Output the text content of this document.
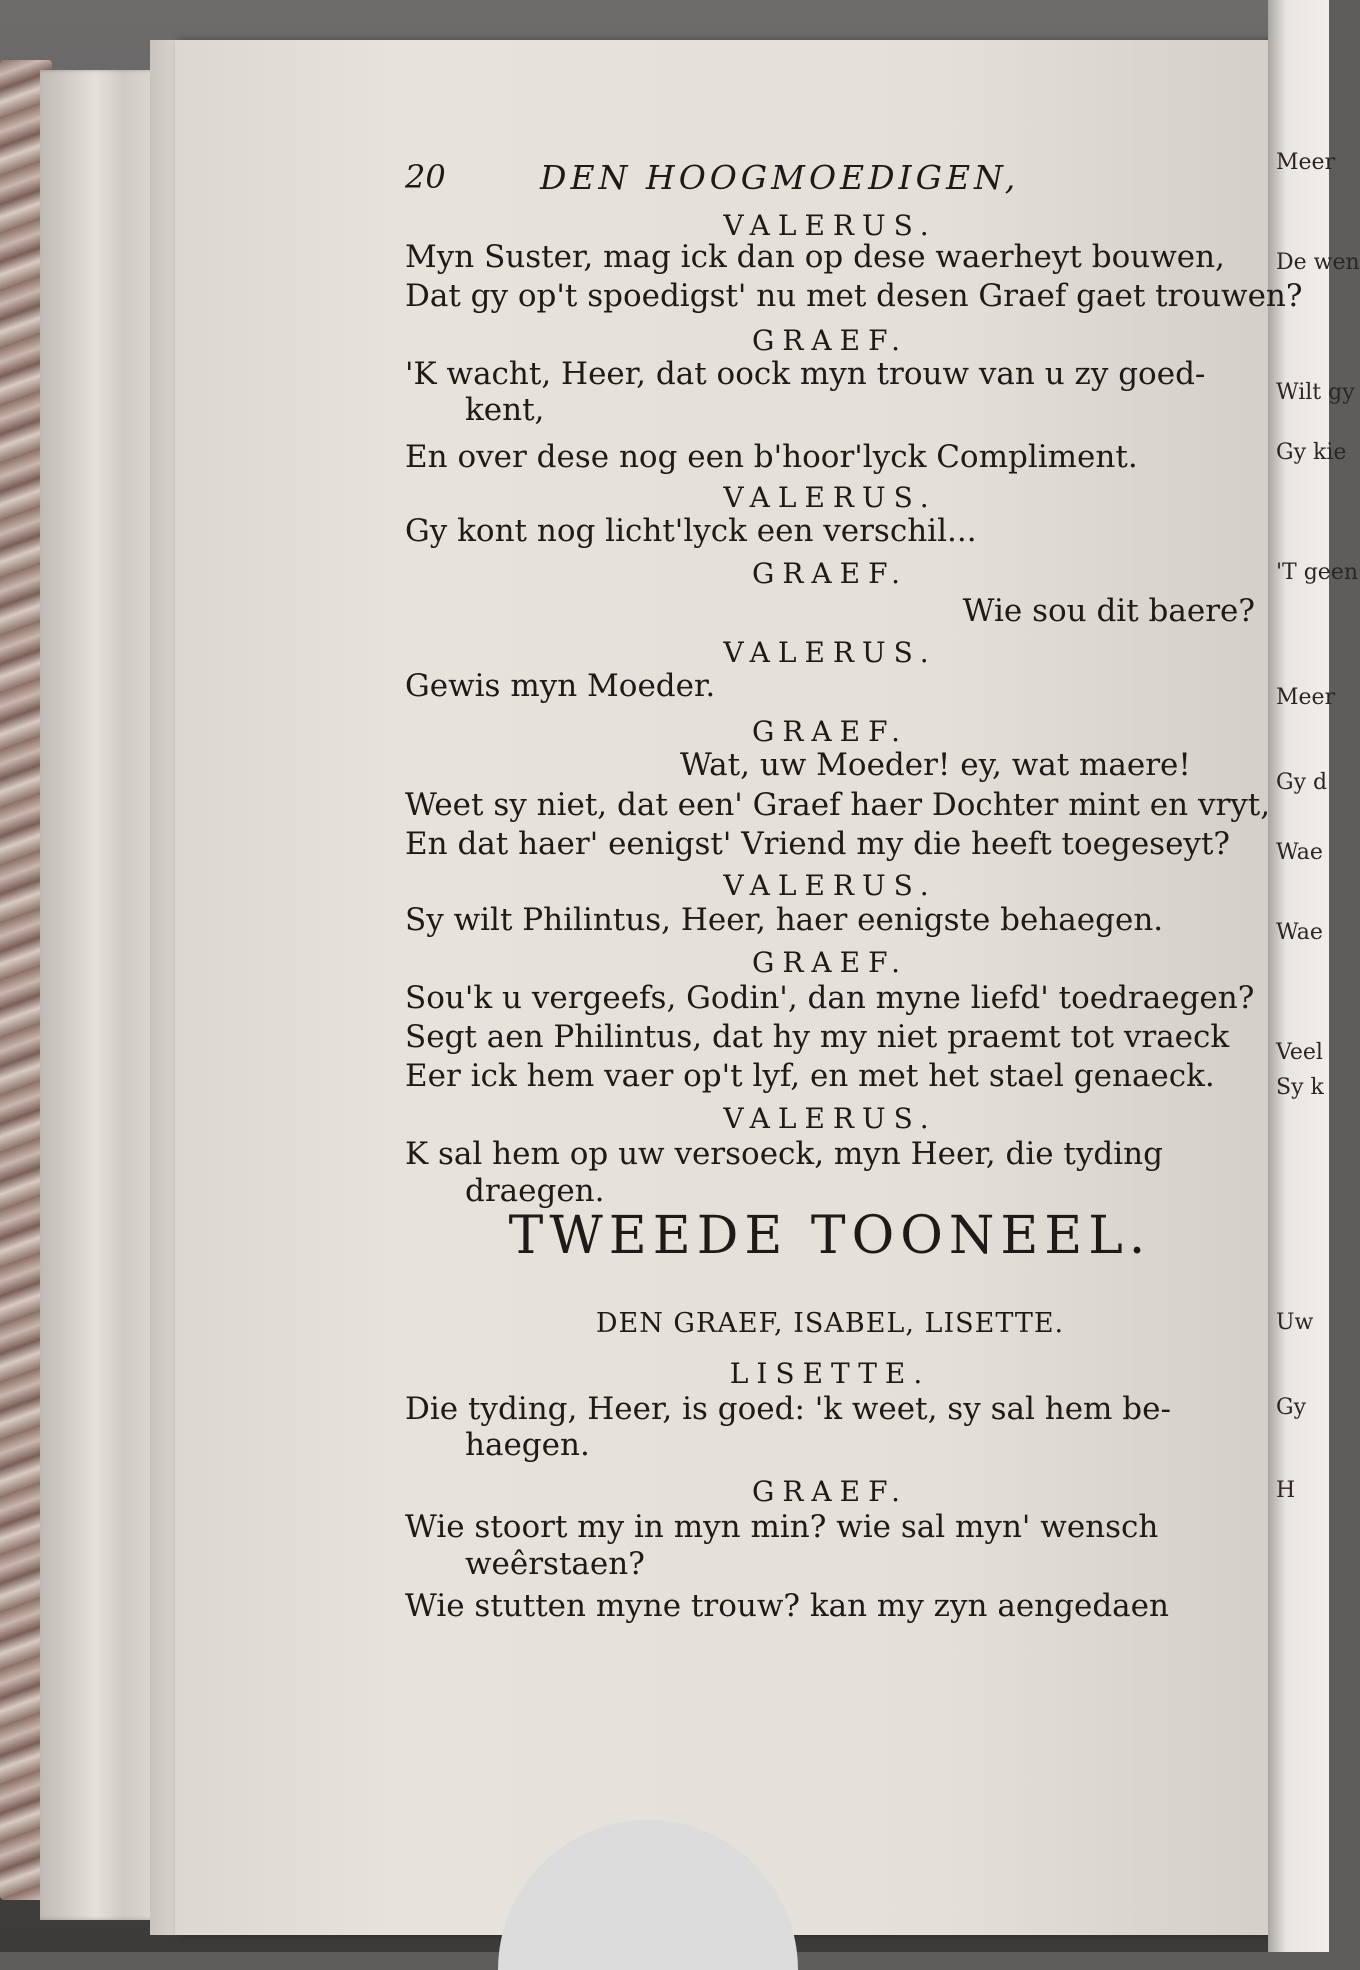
Meer
De wen
Wilt gy
Gy kie
'T geen
Meer
Gy d
Wae
Wae
Veel
Sy k
Uw
Gy
H
20	DEN HOOGMOEDIGEN,
VALERUS.
Myn Suster, mag ick dan op dese waerheyt bouwen,
Dat gy op't spoedigst' nu met desen Graef gaet trouwen?
GRAEF.
'K wacht, Heer, dat oock myn trouw van u zy goed-
kent,
En over dese nog een b'hoor'lyck Compliment.
VALERUS.
Gy kont nog licht'lyck een verschil...
GRAEF.
Wie sou dit baere?
VALERUS.
Gewis myn Moeder.
GRAEF.
Wat, uw Moeder! ey, wat maere!
Weet sy niet, dat een' Graef haer Dochter mint en vryt,
En dat haer' eenigst' Vriend my die heeft toegeseyt?
VALERUS.
Sy wilt Philintus, Heer, haer eenigste behaegen.
GRAEF.
Sou'k u vergeefs, Godin', dan myne liefd' toedraegen?
Segt aen Philintus, dat hy my niet praemt tot vraeck
Eer ick hem vaer op't lyf, en met het stael genaeck.
VALERUS.
K sal hem op uw versoeck, myn Heer, die tyding
draegen.
TWEEDE TOONEEL.
DEN GRAEF, ISABEL, LISETTE.
LISETTE.
Die tyding, Heer, is goed: 'k weet, sy sal hem be-
haegen.
GRAEF.
Wie stoort my in myn min? wie sal myn' wensch
weêrstaen?
Wie stutten myne trouw? kan my zyn aengedaen
